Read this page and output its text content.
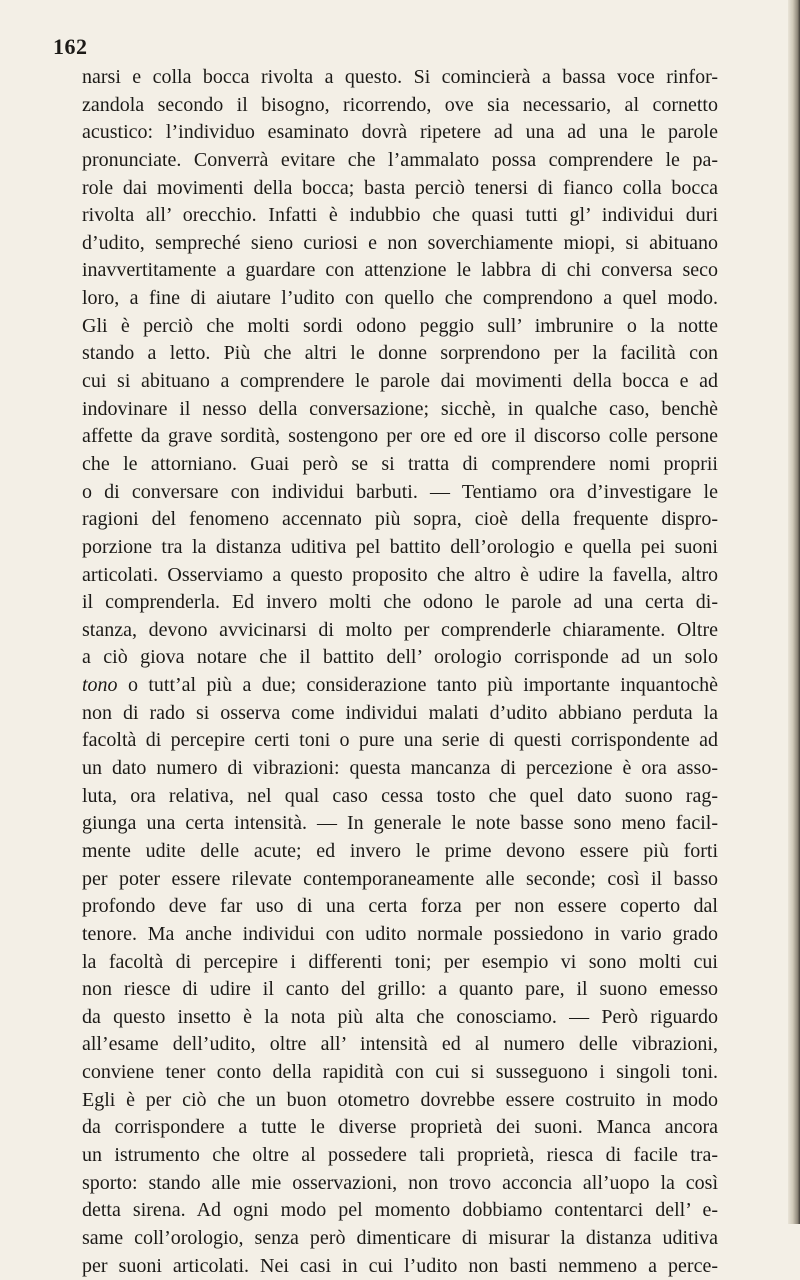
162
narsi e colla bocca rivolta a questo. Si comincierà a bassa voce rinfor-
zandola secondo il bisogno, ricorrendo, ove sia necessario, al cornetto
acustico: l’individuo esaminato dovrà ripetere ad una ad una le parole
pronunciate. Converrà evitare che l’ammalato possa comprendere le pa-
role dai movimenti della bocca; basta perciò tenersi di fianco colla bocca
rivolta all’ orecchio. Infatti è indubbio che quasi tutti gl’ individui duri
d’udito, sempreché sieno curiosi e non soverchiamente miopi, si abituano
inavvertitamente a guardare con attenzione le labbra di chi conversa seco
loro, a fine di aiutare l’udito con quello che comprendono a quel modo.
Gli è perciò che molti sordi odono peggio sull’ imbrunire o la notte
stando a letto. Più che altri le donne sorprendono per la facilità con
cui si abituano a comprendere le parole dai movimenti della bocca e ad
indovinare il nesso della conversazione; sicchè, in qualche caso, benchè
affette da grave sordità, sostengono per ore ed ore il discorso colle persone
che le attorniano. Guai però se si tratta di comprendere nomi proprii
o di conversare con individui barbuti. — Tentiamo ora d’investigare le
ragioni del fenomeno accennato più sopra, cioè della frequente dispro-
porzione tra la distanza uditiva pel battito dell’orologio e quella pei suoni
articolati. Osserviamo a questo proposito che altro è udire la favella, altro
il comprenderla. Ed invero molti che odono le parole ad una certa di-
stanza, devono avvicinarsi di molto per comprenderle chiaramente. Oltre
a ciò giova notare che il battito dell’ orologio corrisponde ad un solo
tono o tutt’al più a due; considerazione tanto più importante inquantochè
non di rado si osserva come individui malati d’udito abbiano perduta la
facoltà di percepire certi toni o pure una serie di questi corrispondente ad
un dato numero di vibrazioni: questa mancanza di percezione è ora asso-
luta, ora relativa, nel qual caso cessa tosto che quel dato suono rag-
giunga una certa intensità. — In generale le note basse sono meno facil-
mente udite delle acute; ed invero le prime devono essere più forti
per poter essere rilevate contemporaneamente alle seconde; così il basso
profondo deve far uso di una certa forza per non essere coperto dal
tenore. Ma anche individui con udito normale possiedono in vario grado
la facoltà di percepire i differenti toni; per esempio vi sono molti cui
non riesce di udire il canto del grillo: a quanto pare, il suono emesso
da questo insetto è la nota più alta che conosciamo. — Però riguardo
all’esame dell’udito, oltre all’ intensità ed al numero delle vibrazioni,
conviene tener conto della rapidità con cui si susseguono i singoli toni.
Egli è per ciò che un buon otometro dovrebbe essere costruito in modo
da corrispondere a tutte le diverse proprietà dei suoni. Manca ancora
un istrumento che oltre al possedere tali proprietà, riesca di facile tra-
sporto: stando alle mie osservazioni, non trovo acconcia all’uopo la così
detta sirena. Ad ogni modo pel momento dobbiamo contentarci dell’ e-
same coll’orologio, senza però dimenticare di misurar la distanza uditiva
per suoni articolati. Nei casi in cui l’udito non basti nemmeno a perce-
